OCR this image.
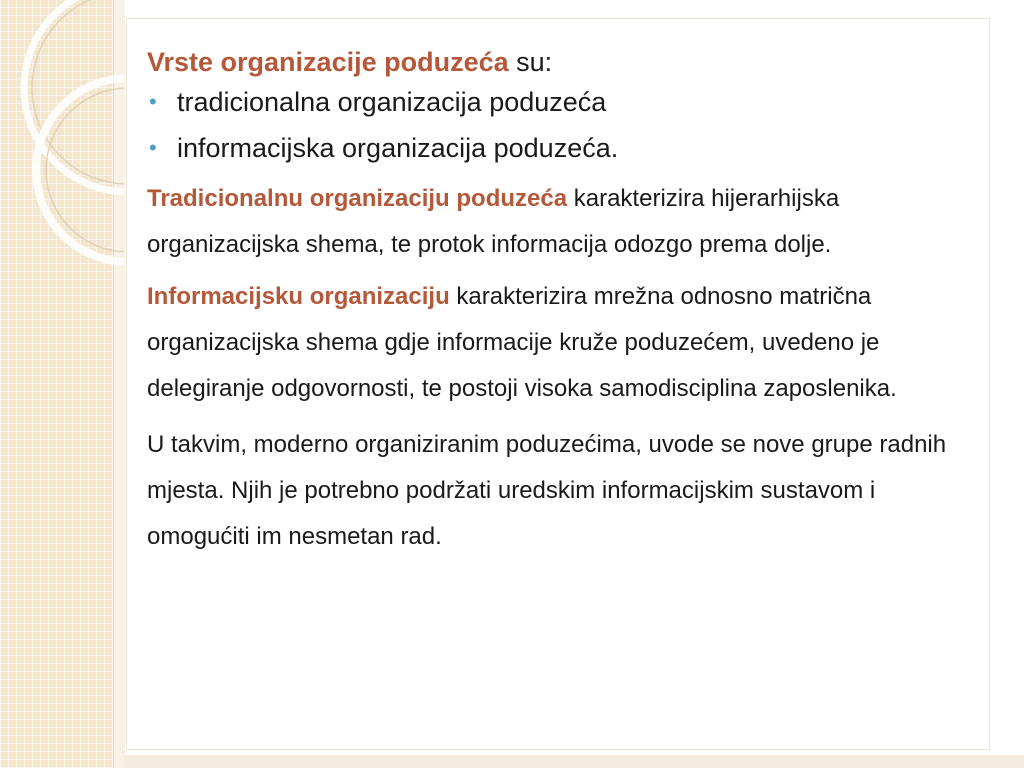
Vrste organizacije poduzeća su:

• tradicionalna organizacija poduzeća
• informacijska organizacija poduzeća.

Tradicionalnu organizaciju poduzeća karakterizira hijerarhijska organizacijska shema, te protok informacija odozgo prema dolje.

Informacijsku organizaciju karakterizira mrežna odnosno matrična organizacijska shema gdje informacije kruže poduzećem, uvedeno je delegiranje odgovornosti, te postoji visoka samodisciplina zaposlenika.

U takvim, moderno organiziranim poduzećima, uvode se nove grupe radnih mjesta. Njih je potrebno podržati uredskim informacijskim sustavom i omogućiti im nesmetan rad.
